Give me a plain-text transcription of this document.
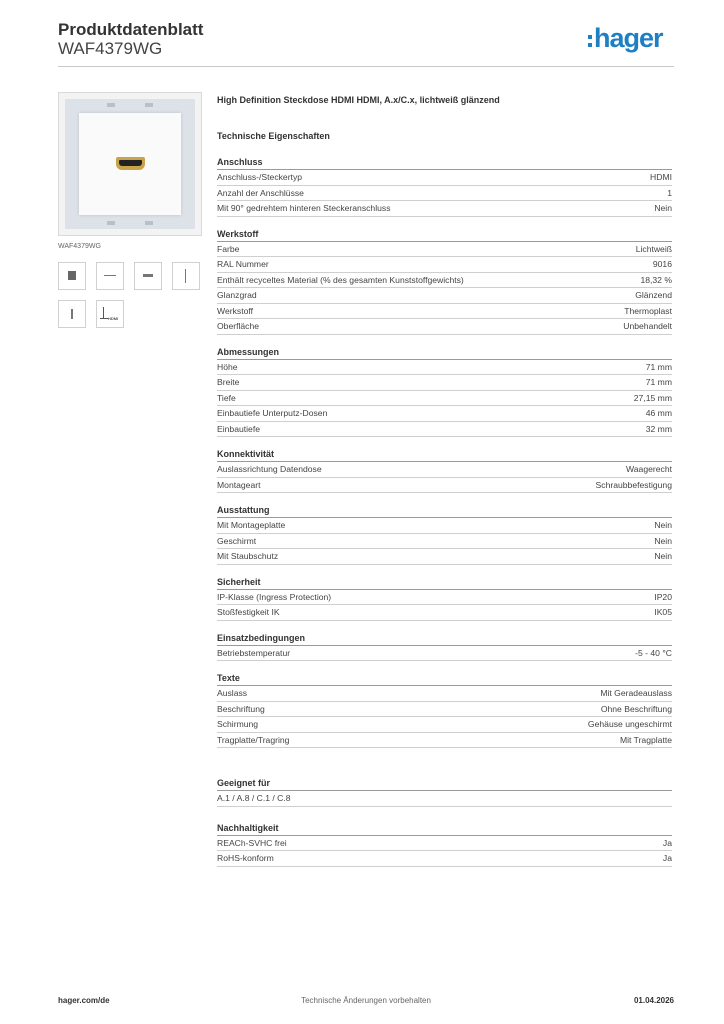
Produktdatenblatt
WAF4379WG	hager
WAF4379WG
HDMI
High Definition Steckdose HDMI HDMI, A.x/C.x, lichtweiß glänzend
Technische Eigenschaften
Anschluss
Anschluss-/Steckertyp	HDMI
Anzahl der Anschlüsse	1
Mit 90° gedrehtem hinteren Steckeranschluss	Nein
Werkstoff
Farbe	Lichtweiß
RAL Nummer	9016
Enthält recyceltes Material (% des gesamten Kunststoffgewichts)	18,32 %
Glanzgrad	Glänzend
Werkstoff	Thermoplast
Oberfläche	Unbehandelt
Abmessungen
Höhe	71 mm
Breite	71 mm
Tiefe	27,15 mm
Einbautiefe Unterputz-Dosen	46 mm
Einbautiefe	32 mm
Konnektivität
Auslassrichtung Datendose	Waagerecht
Montageart	Schraubbefestigung
Ausstattung
Mit Montageplatte	Nein
Geschirmt	Nein
Mit Staubschutz	Nein
Sicherheit
IP-Klasse (Ingress Protection)	IP20
Stoßfestigkeit IK	IK05
Einsatzbedingungen
Betriebstemperatur	-5 - 40 °C
Texte
Auslass	Mit Geradeauslass
Beschriftung	Ohne Beschriftung
Schirmung	Gehäuse ungeschirmt
Tragplatte/Tragring	Mit Tragplatte
Geeignet für
A.1 / A.8 / C.1 / C.8
Nachhaltigkeit
REACh-SVHC frei	Ja
RoHS-konform	Ja
hager.com/de	Technische Änderungen vorbehalten	01.04.2026
